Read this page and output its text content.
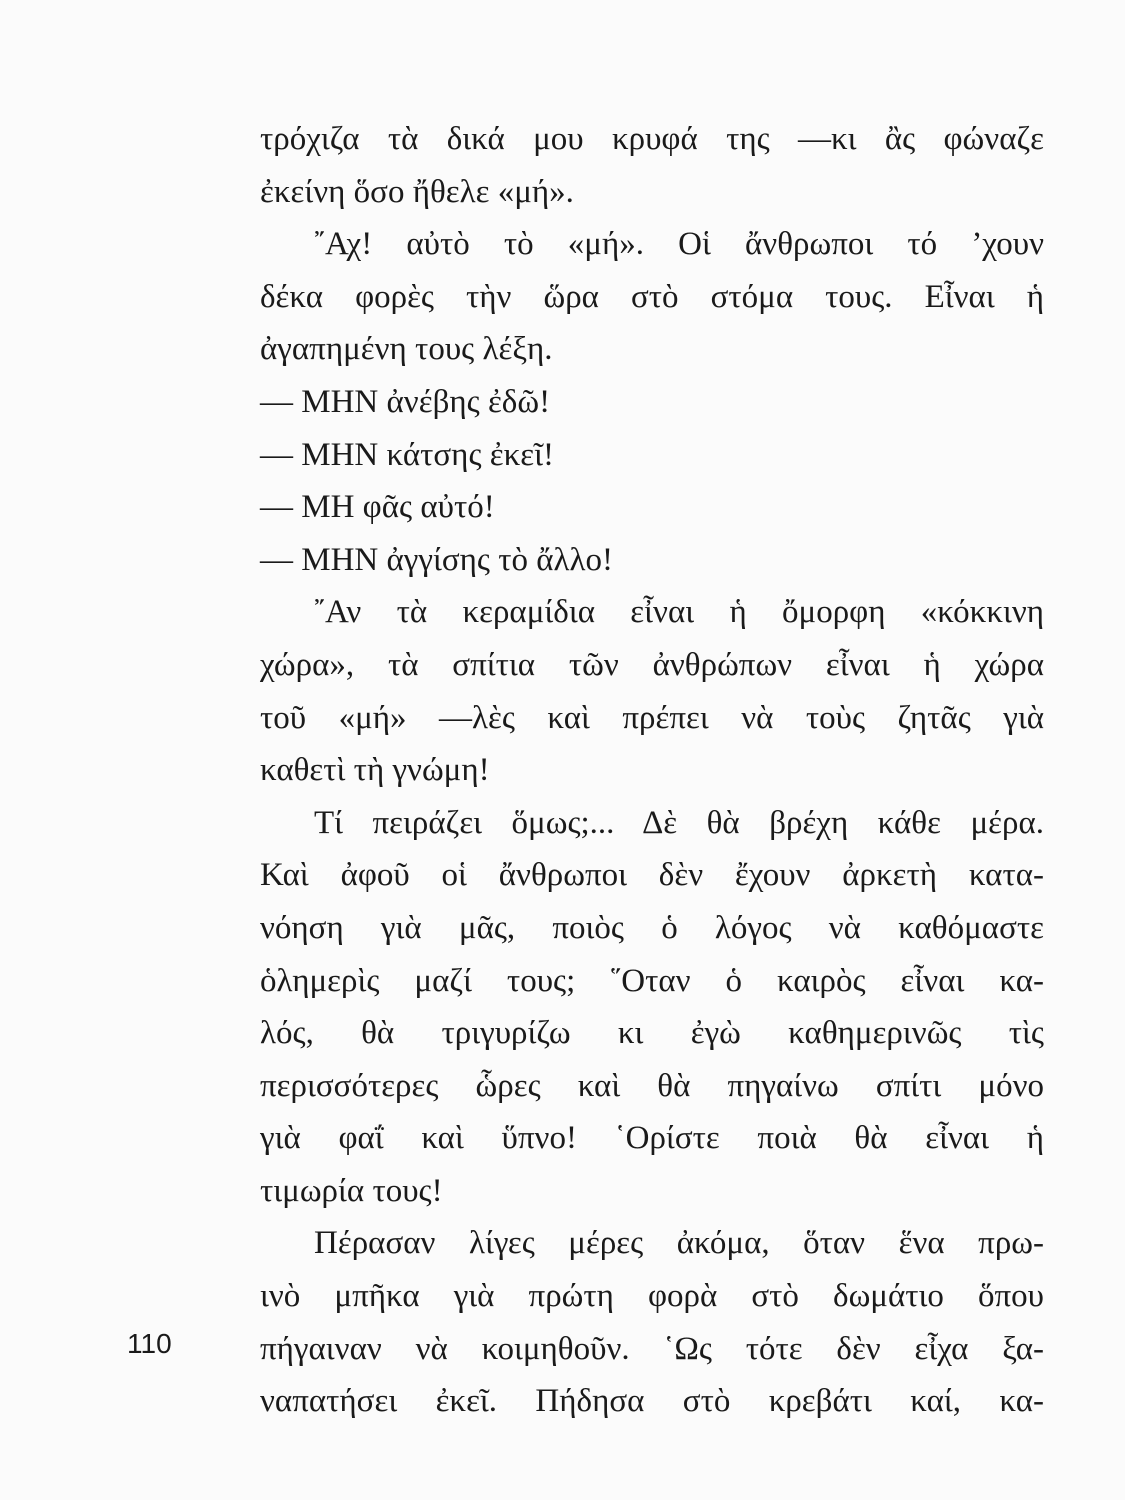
τρόχιζα τὰ δικά μου κρυφά της —κι ἂς φώναζε
ἐκείνη ὅσο ἤθελε «μή».
῎Αχ! αὐτὸ τὸ «μή». Οἱ ἄνθρωποι τό ’χουν
δέκα φορὲς τὴν ὥρα στὸ στόμα τους. Εἶναι ἡ
ἀγαπημένη τους λέξη.
— ΜΗΝ ἀνέβης ἐδῶ!
— ΜΗΝ κάτσης ἐκεῖ!
— ΜΗ φᾶς αὐτό!
— ΜΗΝ ἀγγίσης τὸ ἄλλο!
῎Αν τὰ κεραμίδια εἶναι ἡ ὄμορφη «κόκκινη
χώρα», τὰ σπίτια τῶν ἀνθρώπων εἶναι ἡ χώρα
τοῦ «μή» —λὲς καὶ πρέπει νὰ τοὺς ζητᾶς γιὰ
καθετὶ τὴ γνώμη!
Τί πειράζει ὅμως;... Δὲ θὰ βρέχη κάθε μέρα.
Καὶ ἀφοῦ οἱ ἄνθρωποι δὲν ἔχουν ἀρκετὴ κατα-
νόηση γιὰ μᾶς, ποιὸς ὁ λόγος νὰ καθόμαστε
ὁλημερὶς μαζί τους; ῞Οταν ὁ καιρὸς εἶναι κα-
λός, θὰ τριγυρίζω κι ἐγὼ καθημερινῶς τὶς
περισσότερες ὧρες καὶ θὰ πηγαίνω σπίτι μόνο
γιὰ φαΐ καὶ ὕπνο! ῾Ορίστε ποιὰ θὰ εἶναι ἡ
τιμωρία τους!
Πέρασαν λίγες μέρες ἀκόμα, ὅταν ἕνα πρω-
ινὸ μπῆκα γιὰ πρώτη φορὰ στὸ δωμάτιο ὅπου
πήγαιναν νὰ κοιμηθοῦν. ῾Ως τότε δὲν εἶχα ξα-
ναπατήσει ἐκεῖ. Πήδησα στὸ κρεβάτι καί, κα-
110
